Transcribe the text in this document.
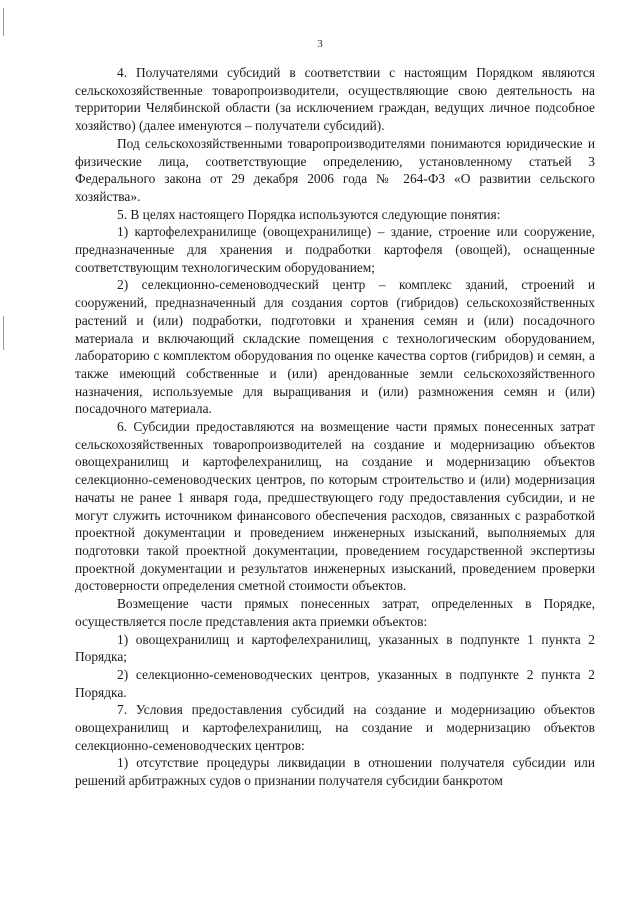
3

4. Получателями субсидий в соответствии с настоящим Порядком являются сельскохозяйственные товаропроизводители, осуществляющие свою деятельность на территории Челябинской области (за исключением граждан, ведущих личное подсобное хозяйство) (далее именуются – получатели субсидий).

Под сельскохозяйственными товаропроизводителями понимаются юридические и физические лица, соответствующие определению, установленному статьей 3 Федерального закона от 29 декабря 2006 года № 264-ФЗ «О развитии сельского хозяйства».

5. В целях настоящего Порядка используются следующие понятия:

1) картофелехранилище (овощехранилище) – здание, строение или сооружение, предназначенные для хранения и подработки картофеля (овощей), оснащенные соответствующим технологическим оборудованием;

2) селекционно-семеноводческий центр – комплекс зданий, строений и сооружений, предназначенный для создания сортов (гибридов) сельскохозяйственных растений и (или) подработки, подготовки и хранения семян и (или) посадочного материала и включающий складские помещения с технологическим оборудованием, лабораторию с комплектом оборудования по оценке качества сортов (гибридов) и семян, а также имеющий собственные и (или) арендованные земли сельскохозяйственного назначения, используемые для выращивания и (или) размножения семян и (или) посадочного материала.

6. Субсидии предоставляются на возмещение части прямых понесенных затрат сельскохозяйственных товаропроизводителей на создание и модернизацию объектов овощехранилищ и картофелехранилищ, на создание и модернизацию объектов селекционно-семеноводческих центров, по которым строительство и (или) модернизация начаты не ранее 1 января года, предшествующего году предоставления субсидии, и не могут служить источником финансового обеспечения расходов, связанных с разработкой проектной документации и проведением инженерных изысканий, выполняемых для подготовки такой проектной документации, проведением государственной экспертизы проектной документации и результатов инженерных изысканий, проведением проверки достоверности определения сметной стоимости объектов.

Возмещение части прямых понесенных затрат, определенных в Порядке, осуществляется после представления акта приемки объектов:

1) овощехранилищ и картофелехранилищ, указанных в подпункте 1 пункта 2 Порядка;

2) селекционно-семеноводческих центров, указанных в подпункте 2 пункта 2 Порядка.

7. Условия предоставления субсидий на создание и модернизацию объектов овощехранилищ и картофелехранилищ, на создание и модернизацию объектов селекционно-семеноводческих центров:

1) отсутствие процедуры ликвидации в отношении получателя субсидии или решений арбитражных судов о признании получателя субсидии банкротом
